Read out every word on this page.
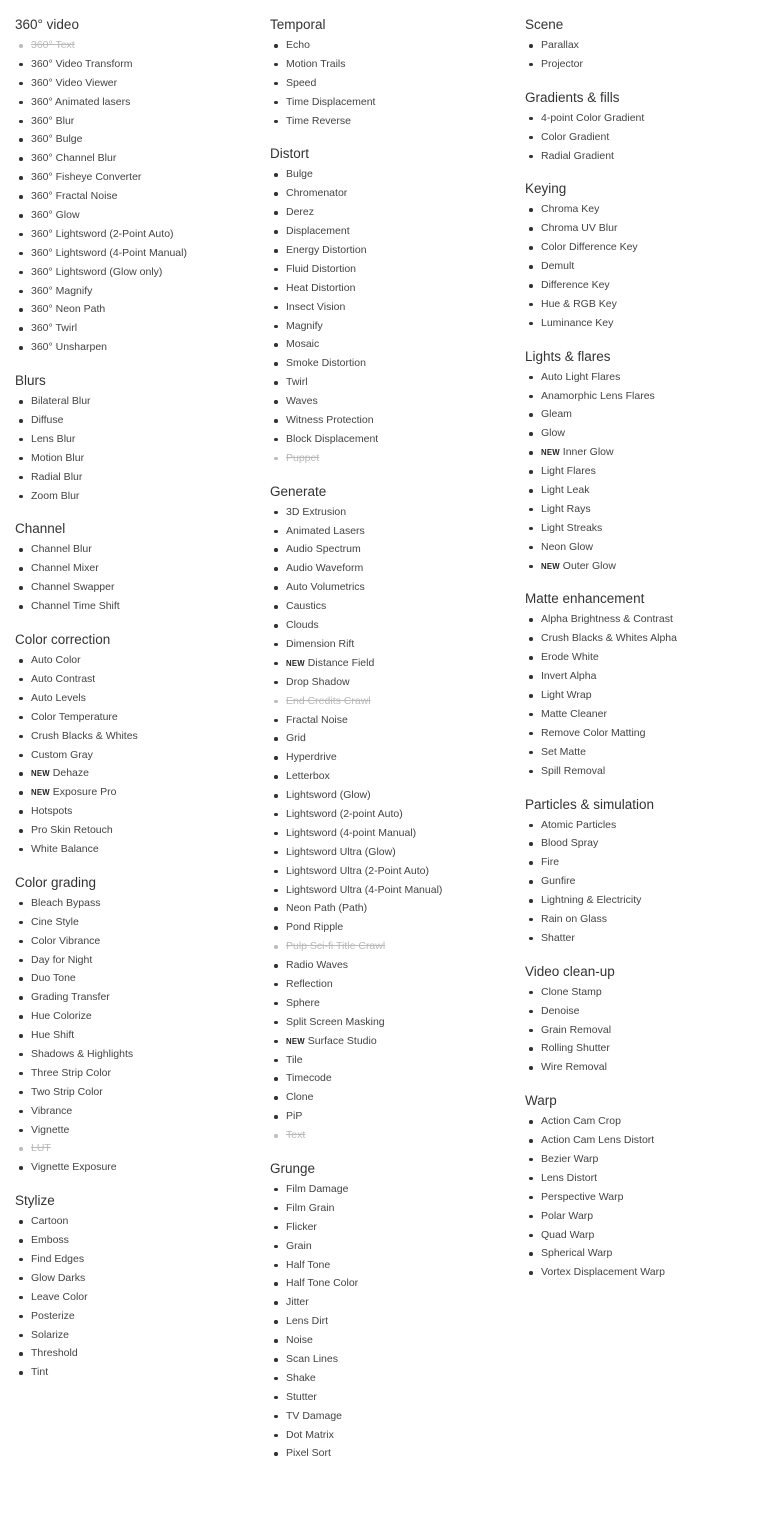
360° video
360° Text
360° Video Transform
360° Video Viewer
360° Animated lasers
360° Blur
360° Bulge
360° Channel Blur
360° Fisheye Converter
360° Fractal Noise
360° Glow
360° Lightsword (2-Point Auto)
360° Lightsword (4-Point Manual)
360° Lightsword (Glow only)
360° Magnify
360° Neon Path
360° Twirl
360° Unsharpen
Blurs
Bilateral Blur
Diffuse
Lens Blur
Motion Blur
Radial Blur
Zoom Blur
Channel
Channel Blur
Channel Mixer
Channel Swapper
Channel Time Shift
Color correction
Auto Color
Auto Contrast
Auto Levels
Color Temperature
Crush Blacks & Whites
Custom Gray
NEW Dehaze
NEW Exposure Pro
Hotspots
Pro Skin Retouch
White Balance
Color grading
Bleach Bypass
Cine Style
Color Vibrance
Day for Night
Duo Tone
Grading Transfer
Hue Colorize
Hue Shift
Shadows & Highlights
Three Strip Color
Two Strip Color
Vibrance
Vignette
LUT
Vignette Exposure
Stylize
Cartoon
Emboss
Find Edges
Glow Darks
Leave Color
Posterize
Solarize
Threshold
Tint
Temporal
Echo
Motion Trails
Speed
Time Displacement
Time Reverse
Distort
Bulge
Chromenator
Derez
Displacement
Energy Distortion
Fluid Distortion
Heat Distortion
Insect Vision
Magnify
Mosaic
Smoke Distortion
Twirl
Waves
Witness Protection
Block Displacement
Puppet
Generate
3D Extrusion
Animated Lasers
Audio Spectrum
Audio Waveform
Auto Volumetrics
Caustics
Clouds
Dimension Rift
NEW Distance Field
Drop Shadow
End Credits Crawl
Fractal Noise
Grid
Hyperdrive
Letterbox
Lightsword (Glow)
Lightsword (2-point Auto)
Lightsword (4-point Manual)
Lightsword Ultra (Glow)
Lightsword Ultra (2-Point Auto)
Lightsword Ultra (4-Point Manual)
Neon Path (Path)
Pond Ripple
Pulp Sci-fi Title Crawl
Radio Waves
Reflection
Sphere
Split Screen Masking
NEW Surface Studio
Tile
Timecode
Clone
PiP
Text
Grunge
Film Damage
Film Grain
Flicker
Grain
Half Tone
Half Tone Color
Jitter
Lens Dirt
Noise
Scan Lines
Shake
Stutter
TV Damage
Dot Matrix
Pixel Sort
Scene
Parallax
Projector
Gradients & fills
4-point Color Gradient
Color Gradient
Radial Gradient
Keying
Chroma Key
Chroma UV Blur
Color Difference Key
Demult
Difference Key
Hue & RGB Key
Luminance Key
Lights & flares
Auto Light Flares
Anamorphic Lens Flares
Gleam
Glow
NEW Inner Glow
Light Flares
Light Leak
Light Rays
Light Streaks
Neon Glow
NEW Outer Glow
Matte enhancement
Alpha Brightness & Contrast
Crush Blacks & Whites Alpha
Erode White
Invert Alpha
Light Wrap
Matte Cleaner
Remove Color Matting
Set Matte
Spill Removal
Particles & simulation
Atomic Particles
Blood Spray
Fire
Gunfire
Lightning & Electricity
Rain on Glass
Shatter
Video clean-up
Clone Stamp
Denoise
Grain Removal
Rolling Shutter
Wire Removal
Warp
Action Cam Crop
Action Cam Lens Distort
Bezier Warp
Lens Distort
Perspective Warp
Polar Warp
Quad Warp
Spherical Warp
Vortex Displacement Warp
